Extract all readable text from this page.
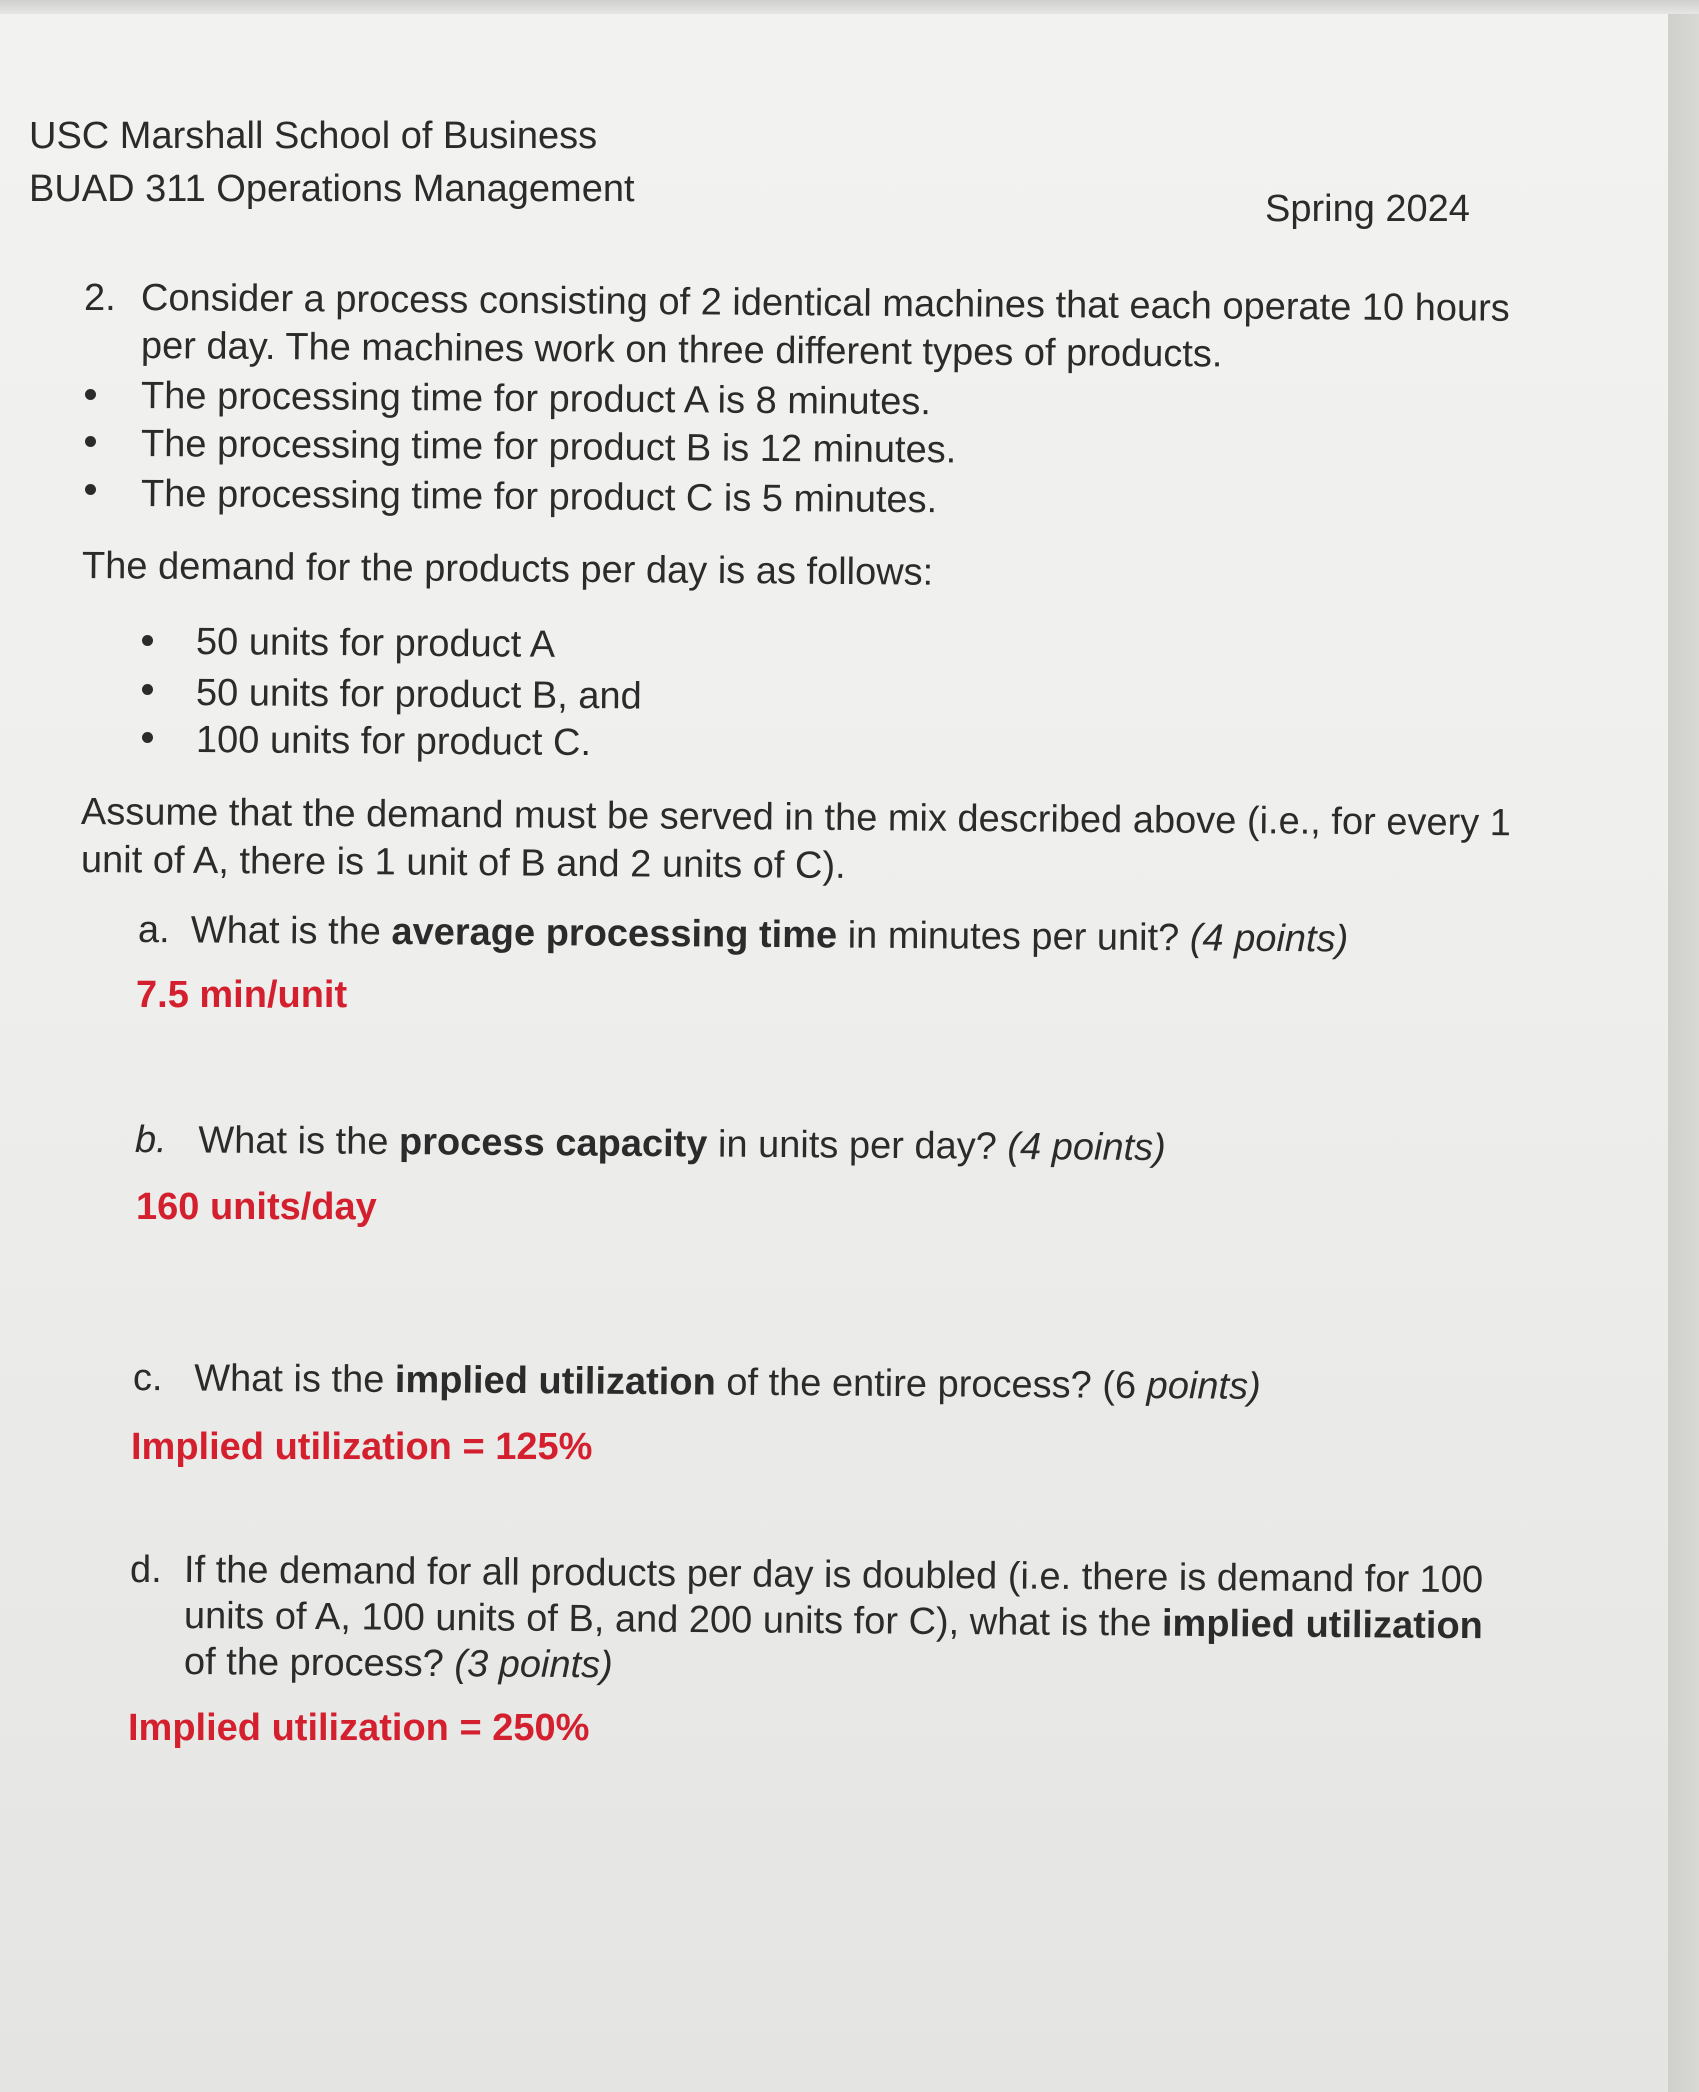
USC Marshall School of Business
BUAD 311 Operations Management	Spring 2024
2. Consider a process consisting of 2 identical machines that each operate 10 hours
per day. The machines work on three different types of products.
The processing time for product A is 8 minutes.
The processing time for product B is 12 minutes.
The processing time for product C is 5 minutes.
The demand for the products per day is as follows:
50 units for product A
50 units for product B, and
100 units for product C.
Assume that the demand must be served in the mix described above (i.e., for every 1
unit of A, there is 1 unit of B and 2 units of C).
a. What is the average processing time in minutes per unit? (4 points)
7.5 min/unit
b. What is the process capacity in units per day? (4 points)
160 units/day
c. What is the implied utilization of the entire process? (6 points)
Implied utilization = 125%
d. If the demand for all products per day is doubled (i.e. there is demand for 100
units of A, 100 units of B, and 200 units for C), what is the implied utilization
of the process? (3 points)
Implied utilization = 250%
